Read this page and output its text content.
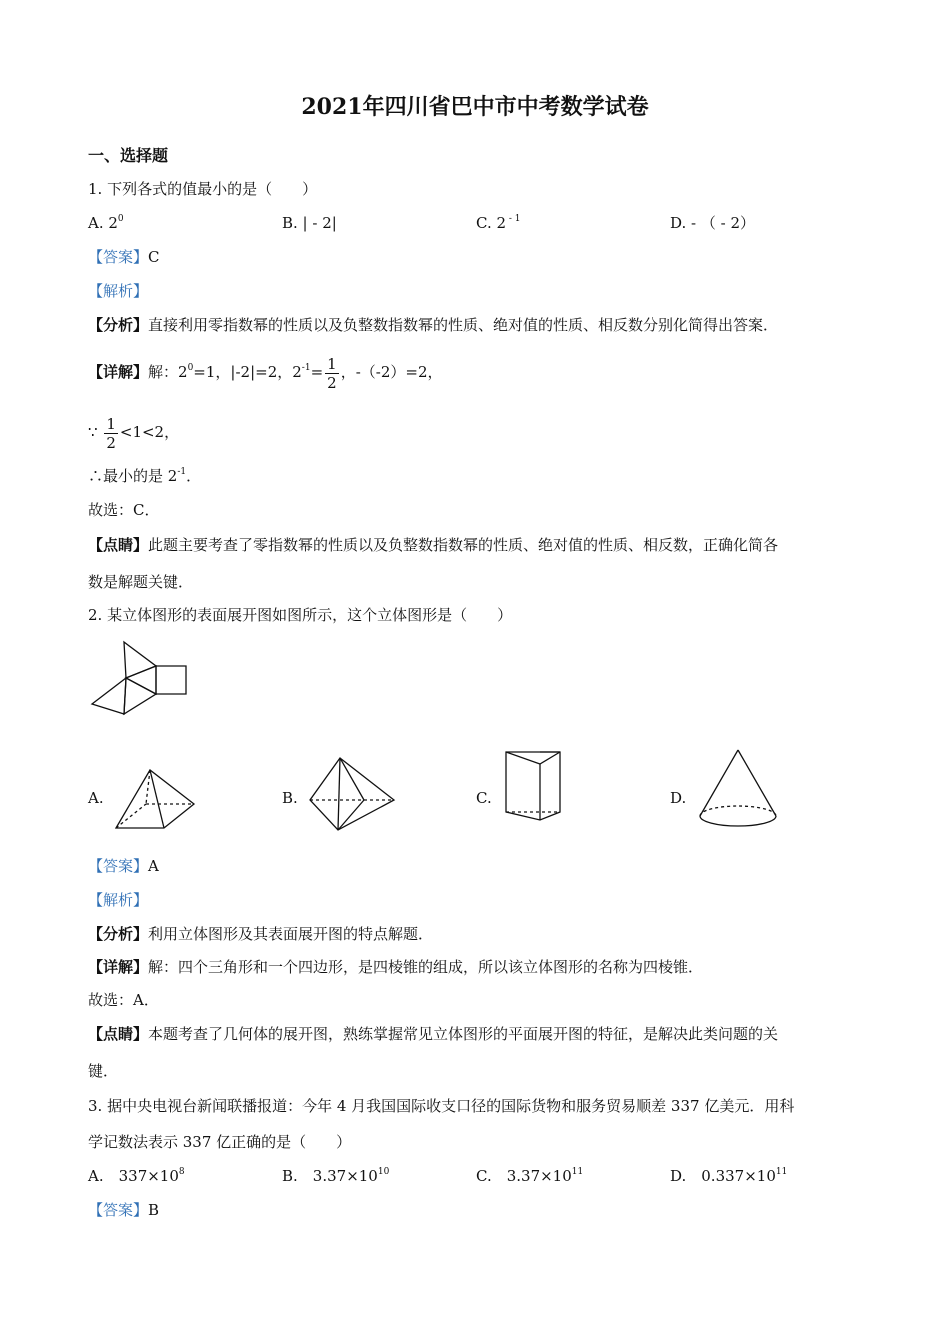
2021年四川省巴中市中考数学试卷
一、选择题
1. 下列各式的值最小的是（　　）
A. $2^0$	B. | - 2|	C. 2 $^{- 1}$	D. - （ - 2）
【答案】C
【解析】
【分析】直接利用零指数幂的性质以及负整数指数幂的性质、绝对值的性质、相反数分别化简得出答案．
【详解】解：$2^0=1$，|-2|=2，$2^{-1}= \frac{1}{2}$ ，-（-2）=2，
∵ $\frac{1}{2} <1<2$，
∴最小的是 $2^{-1}$．
故选：C．
【点睛】此题主要考查了零指数幂的性质以及负整数指数幂的性质、绝对值的性质、相反数，正确化简各
数是解题关键．
2. 某立体图形的表面展开图如图所示，这个立体图形是（　　）
A.	B.	C.	D.
【答案】A
【解析】
【分析】利用立体图形及其表面展开图的特点解题．
【详解】解：四个三角形和一个四边形，是四棱锥的组成，所以该立体图形的名称为四棱锥．
故选：A．
【点睛】本题考查了几何体的展开图，熟练掌握常见立体图形的平面展开图的特征，是解决此类问题的关
键．
3. 据中央电视台新闻联播报道：今年 4 月我国国际收支口径的国际货物和服务贸易顺差 337 亿美元．用科
学记数法表示 337 亿正确的是（　　）
A.　$337\times 10^8$	B.　$3.37\times 10^{10}$	C.　$3.37\times 10^{11}$	D.　$0.337\times 10^{11}$
【答案】B
